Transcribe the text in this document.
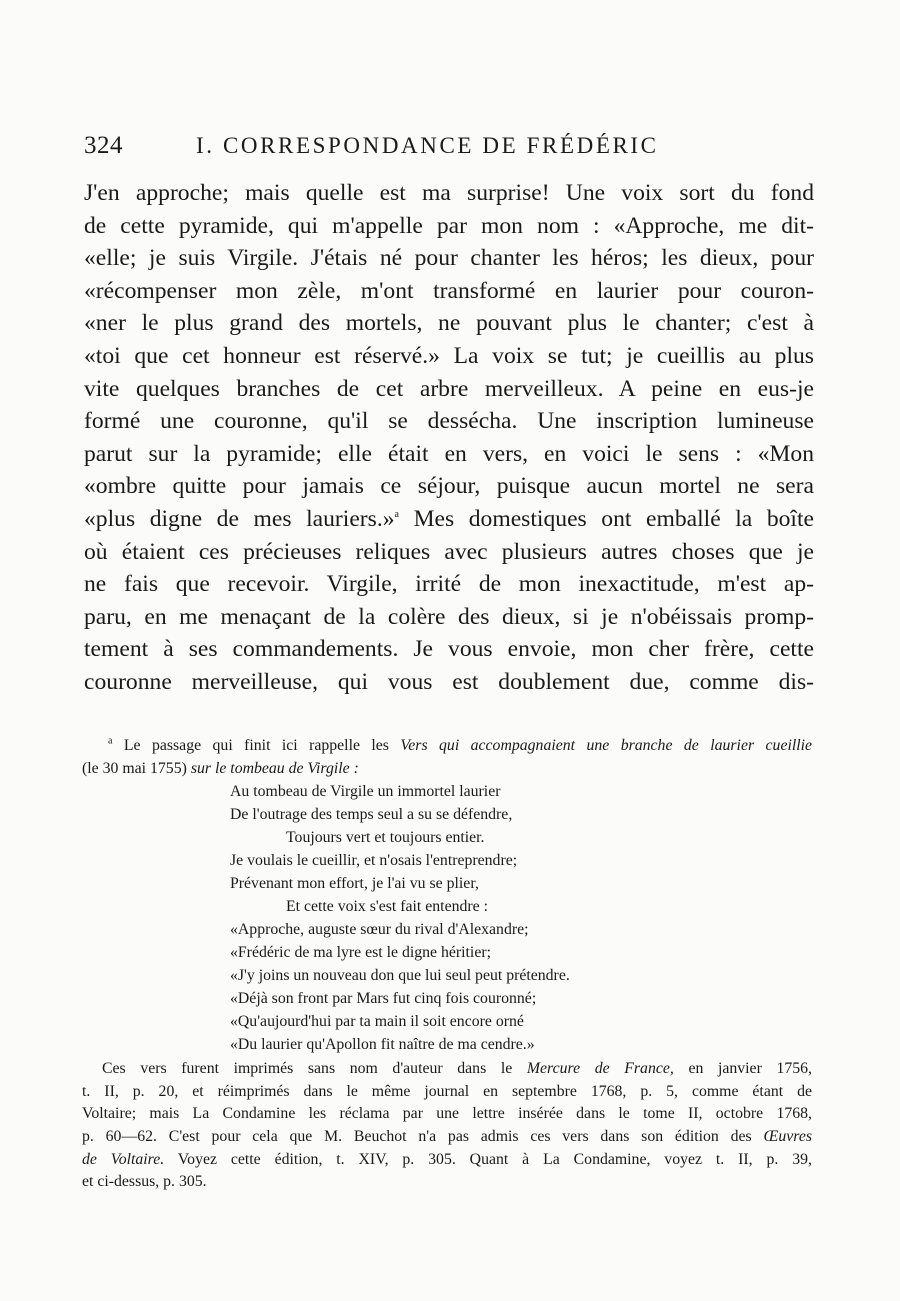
324	I. CORRESPONDANCE DE FRÉDÉRIC
J'en approche; mais quelle est ma surprise! Une voix sort du fond
de cette pyramide, qui m'appelle par mon nom : «Approche, me dit-
«elle; je suis Virgile. J'étais né pour chanter les héros; les dieux, pour
«récompenser mon zèle, m'ont transformé en laurier pour couron-
«ner le plus grand des mortels, ne pouvant plus le chanter; c'est à
«toi que cet honneur est réservé.» La voix se tut; je cueillis au plus
vite quelques branches de cet arbre merveilleux. A peine en eus-je
formé une couronne, qu'il se dessécha. Une inscription lumineuse
parut sur la pyramide; elle était en vers, en voici le sens : «Mon
«ombre quitte pour jamais ce séjour, puisque aucun mortel ne sera
«plus digne de mes lauriers.»$^a$ Mes domestiques ont emballé la boîte
où étaient ces précieuses reliques avec plusieurs autres choses que je
ne fais que recevoir. Virgile, irrité de mon inexactitude, m'est ap-
paru, en me menaçant de la colère des dieux, si je n'obéissais promp-
tement à ses commandements. Je vous envoie, mon cher frère, cette
couronne merveilleuse, qui vous est doublement due, comme dis-
$^a$ Le passage qui finit ici rappelle les Vers qui accompagnaient une branche de laurier cueillie
(le 30 mai 1755) sur le tombeau de Virgile :
Au tombeau de Virgile un immortel laurier
De l'outrage des temps seul a su se défendre,
Toujours vert et toujours entier.
Je voulais le cueillir, et n'osais l'entreprendre;
Prévenant mon effort, je l'ai vu se plier,
Et cette voix s'est fait entendre :
«Approche, auguste sœur du rival d'Alexandre;
«Frédéric de ma lyre est le digne héritier;
«J'y joins un nouveau don que lui seul peut prétendre.
«Déjà son front par Mars fut cinq fois couronné;
«Qu'aujourd'hui par ta main il soit encore orné
«Du laurier qu'Apollon fit naître de ma cendre.»
Ces vers furent imprimés sans nom d'auteur dans le Mercure de France, en janvier 1756,
t. II, p. 20, et réimprimés dans le même journal en septembre 1768, p. 5, comme étant de
Voltaire; mais La Condamine les réclama par une lettre insérée dans le tome II, octobre 1768,
p. 60—62. C'est pour cela que M. Beuchot n'a pas admis ces vers dans son édition des Œuvres
de Voltaire. Voyez cette édition, t. XIV, p. 305. Quant à La Condamine, voyez t. II, p. 39,
et ci-dessus, p. 305.
